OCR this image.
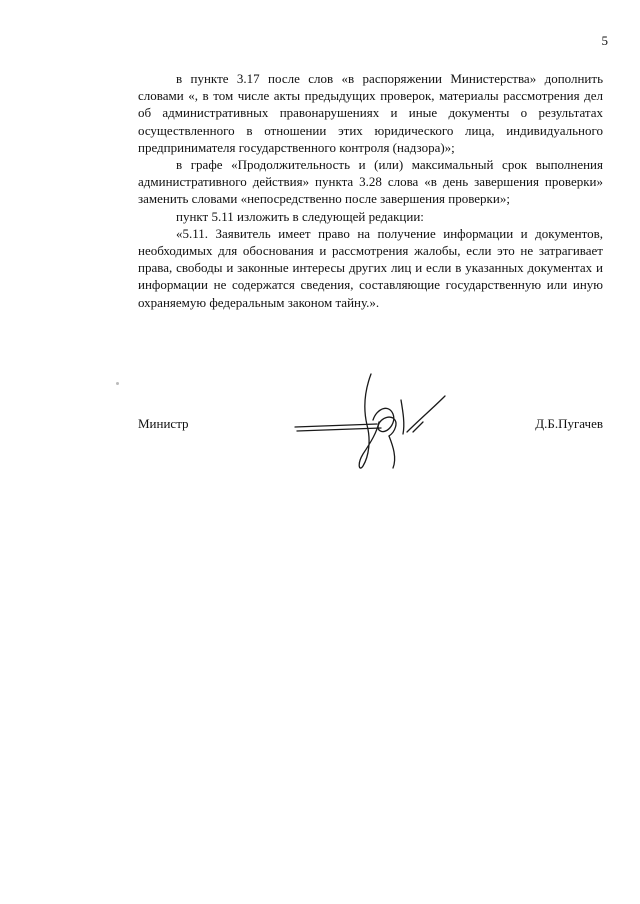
5

в пункте 3.17 после слов «в распоряжении Министерства» дополнить словами «, в том числе акты предыдущих проверок, материалы рассмотрения дел об административных правонарушениях и иные документы о результатах осуществленного в отношении этих юридического лица, индивидуального предпринимателя государственного контроля (надзора)»;

в графе «Продолжительность и (или) максимальный срок выполнения административного действия» пункта 3.28 слова «в день завершения проверки» заменить словами «непосредственно после завершения проверки»;

пункт 5.11 изложить в следующей редакции:

«5.11. Заявитель имеет право на получение информации и документов, необходимых для обоснования и рассмотрения жалобы, если это не затрагивает права, свободы и законные интересы других лиц и если в указанных документах и информации не содержатся сведения, составляющие государственную или иную охраняемую федеральным законом тайну.».

Министр	Д.Б.Пугачев
